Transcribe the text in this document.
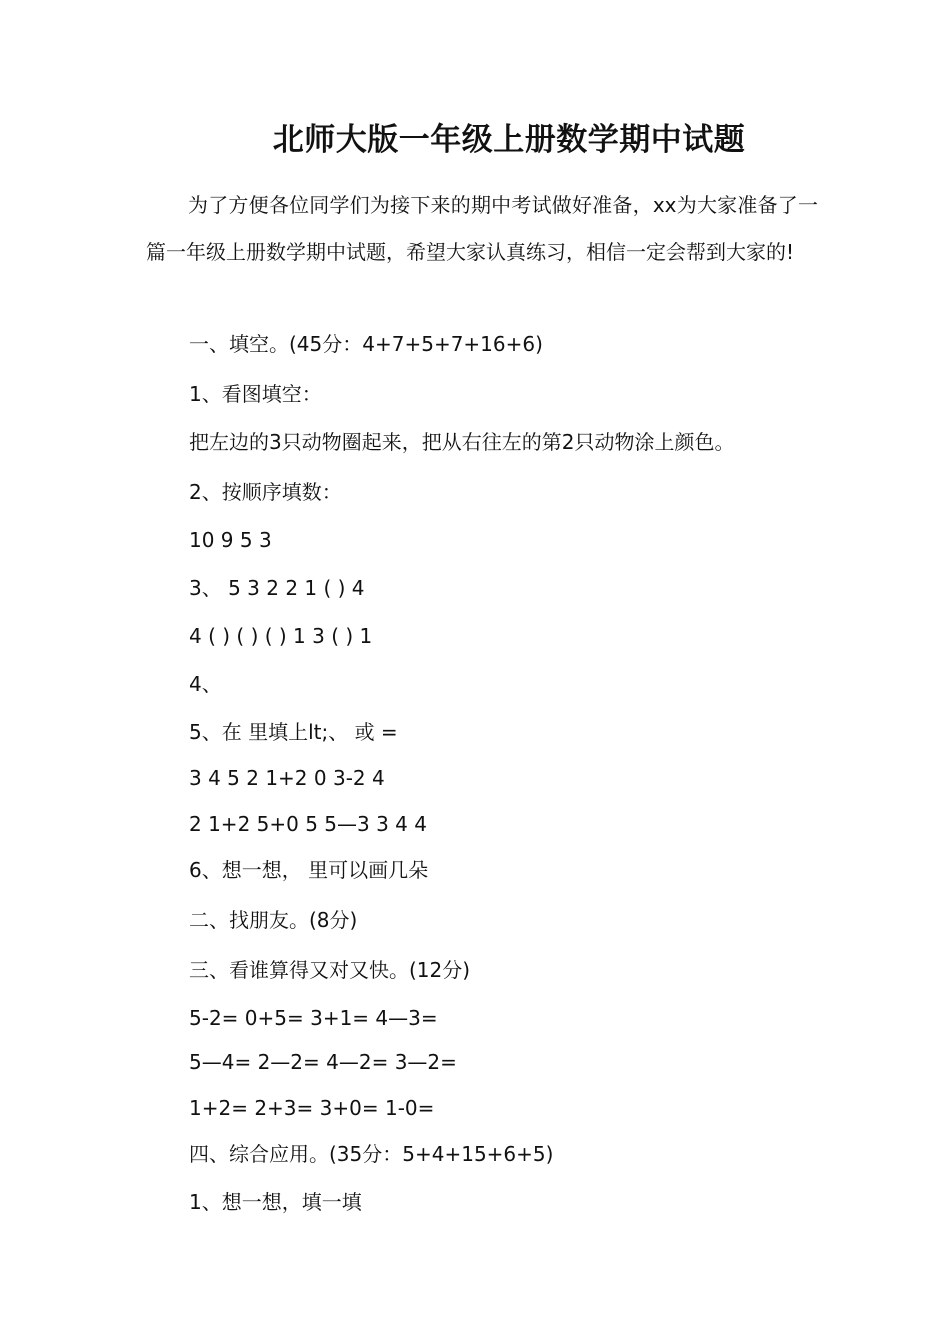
北师大版一年级上册数学期中试题

为了方便各位同学们为接下来的期中考试做好准备，xx为大家准备了一篇一年级上册数学期中试题，希望大家认真练习，相信一定会帮到大家的!

一、填空。(45分：4+7+5+7+16+6)

1、看图填空：

把左边的3只动物圈起来，把从右往左的第2只动物涂上颜色。

2、按顺序填数：

10 9 5 3

3、 5 3 2 2 1 ( ) 4

4 ( ) ( ) ( ) 1 3 ( ) 1

4、

5、在 里填上lt;、 或 =

3 4 5 2 1+2 0 3-2 4

2 1+2 5+0 5 5—3 3 4 4

6、想一想， 里可以画几朵

二、找朋友。(8分)

三、看谁算得又对又快。(12分)

5-2= 0+5= 3+1= 4—3=

5—4= 2—2= 4—2= 3—2=

1+2= 2+3= 3+0= 1-0=

四、综合应用。(35分：5+4+15+6+5)

1、想一想，填一填
